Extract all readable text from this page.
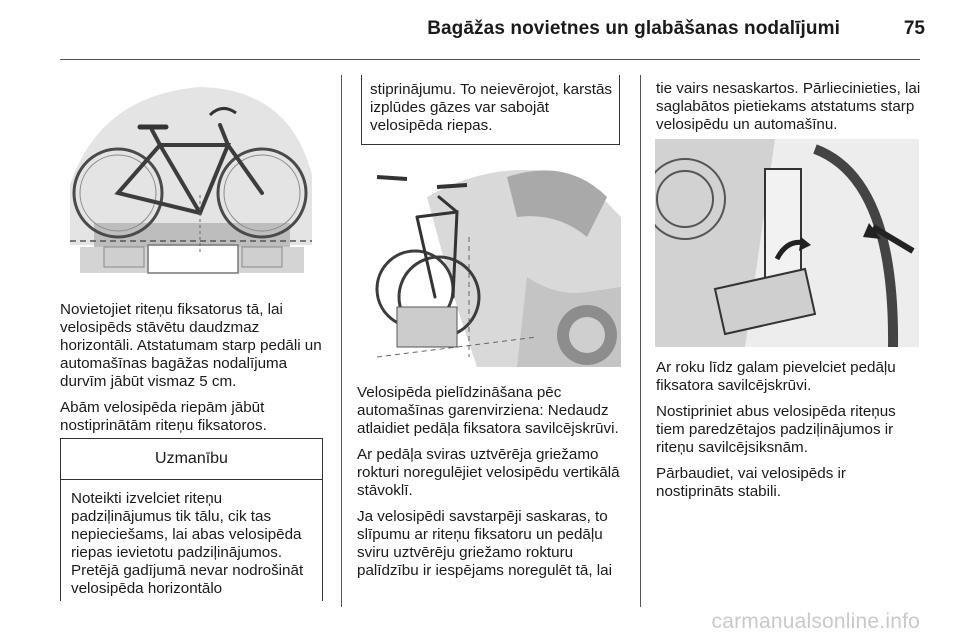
Bagāžas novietnes un glabāšanas nodalījumi	75

Novietojiet riteņu fiksatorus tā, lai velosipēds stāvētu daudzmaz horizontāli. Atstatumam starp pedāli un automašīnas bagāžas nodalījuma durvīm jābūt vismaz 5 cm.

Abām velosipēda riepām jābūt nostiprinātām riteņu fiksatoros.

Uzmanību
Noteikti izvelciet riteņu padziļinājumus tik tālu, cik tas nepieciešams, lai abas velosipēda riepas ievietotu padziļinājumos. Pretējā gadījumā nevar nodrošināt velosipēda horizontālo
stiprinājumu. To neievērojot, karstās izplūdes gāzes var sabojāt velosipēda riepas.

Velosipēda pielīdzināšana pēc automašīnas garenvirziena: Nedaudz atlaidiet pedāļa fiksatora savilcējskrūvi.

Ar pedāļa sviras uztvērēja griežamo rokturi noregulējiet velosipēdu vertikālā stāvoklī.

Ja velosipēdi savstarpēji saskaras, to slīpumu ar riteņu fiksatoru un pedāļu sviru uztvērēju griežamo rokturu palīdzību ir iespējams noregulēt tā, lai

tie vairs nesaskartos. Pārliecinieties, lai saglabātos pietiekams atstatums starp velosipēdu un automašīnu.

Ar roku līdz galam pievelciet pedāļu fiksatora savilcējskrūvi.

Nostipriniet abus velosipēda riteņus tiem paredzētajos padziļinājumos ir riteņu savilcējsiksnām.

Pārbaudiet, vai velosipēds ir nostiprināts stabili.

carmanualsonline.info
